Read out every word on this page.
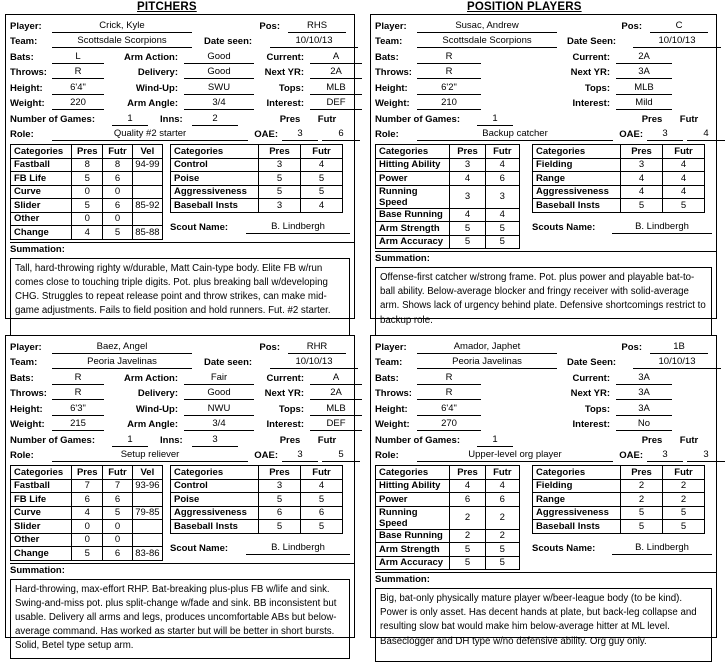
PITCHERS	POSITION PLAYERS
Player:	Crick, Kyle	Pos:	RHS
Team:	Scottsdale Scorpions	Date seen:	10/10/13
Bats:	L	Arm Action:	Good	Current:	A
Throws:	R	Delivery:	Good	Next YR:	2A
Height:	6'4"	Wind-Up:	SWU	Tops:	MLB
Weight:	220	Arm Angle:	3/4	Interest:	DEF
Number of Games:	1	Inns:	2	Pres	Futr
Role:	Quality #2 starter	OAE:	3	6
Categories	Pres	Futr	Vel
Fastball	8	8	94-99
FB Life	5	6	
Curve	0	0	
Slider	5	6	85-92
Other	0	0	
Change	4	5	85-88
Categories	Pres	Futr
Control	3	4
Poise	5	5
Aggressiveness	5	5
Baseball Insts	3	4
Scout Name:	B. Lindbergh
Summation:
Tall, hard-throwing righty w/durable, Matt Cain-type body. Elite FB w/run comes close to touching triple digits. Pot. plus breaking ball w/developing CHG. Struggles to repeat release point and throw strikes, can make mid-game adjustments. Fails to field position and hold runners. Fut. #2 starter.
Player:	Susac, Andrew	Pos:	C
Team:	Scottsdale Scorpions	Date Seen:	10/10/13
Bats:	R	Current:	2A
Throws:	R	Next YR:	3A
Height:	6'2"	Tops:	MLB
Weight:	210	Interest:	Mild
Number of Games:	1	Pres	Futr
Role:	Backup catcher	OAE:	3	4
Categories	Pres	Futr
Hitting Ability	3	4
Power	4	6
Running Speed	3	3
Base Running	4	4
Arm Strength	5	5
Arm Accuracy	5	5
Categories	Pres	Futr
Fielding	3	4
Range	4	4
Aggressiveness	4	4
Baseball Insts	5	5
Scouts Name:	B. Lindbergh
Summation:
Offense-first catcher w/strong frame. Pot. plus power and playable bat-to-ball ability. Below-average blocker and fringy receiver with solid-average arm. Shows lack of urgency behind plate. Defensive shortcomings restrict to backup role.
Player:	Baez, Angel	Pos:	RHR
Team:	Peoria Javelinas	Date seen:	10/10/13
Bats:	R	Arm Action:	Fair	Current:	A
Throws:	R	Delivery:	Good	Next YR:	2A
Height:	6'3"	Wind-Up:	NWU	Tops:	MLB
Weight:	215	Arm Angle:	3/4	Interest:	DEF
Number of Games:	1	Inns:	3	Pres	Futr
Role:	Setup reliever	OAE:	3	5
Categories	Pres	Futr	Vel
Fastball	7	7	93-96
FB Life	6	6	
Curve	4	5	79-85
Slider	0	0	
Other	0	0	
Change	5	6	83-86
Categories	Pres	Futr
Control	3	4
Poise	5	5
Aggressiveness	6	6
Baseball Insts	5	5
Scout Name:	B. Lindbergh
Summation:
Hard-throwing, max-effort RHP. Bat-breaking plus-plus FB w/life and sink. Swing-and-miss pot. plus split-change w/fade and sink. BB inconsistent but usable. Delivery all arms and legs, produces uncomfortable ABs but below-average command. Has worked as starter but will be better in short bursts. Solid, Betel type setup arm.
Player:	Amador, Japhet	Pos:	1B
Team:	Peoria Javelinas	Date Seen:	10/10/13
Bats:	R	Current:	3A
Throws:	R	Next YR:	3A
Height:	6'4"	Tops:	3A
Weight:	270	Interest:	No
Number of Games:	1	Pres	Futr
Role:	Upper-level org player	OAE:	3	3
Categories	Pres	Futr
Hitting Ability	4	4
Power	6	6
Running Speed	2	2
Base Running	2	2
Arm Strength	5	5
Arm Accuracy	5	5
Categories	Pres	Futr
Fielding	2	2
Range	2	2
Aggressiveness	5	5
Baseball Insts	5	5
Scouts Name:	B. Lindbergh
Summation:
Big, bat-only physically mature player w/beer-league body (to be kind). Power is only asset. Has decent hands at plate, but back-leg collapse and resulting slow bat would make him below-average hitter at ML level. Baseclogger and DH type w/no defensive ability. Org guy only.
